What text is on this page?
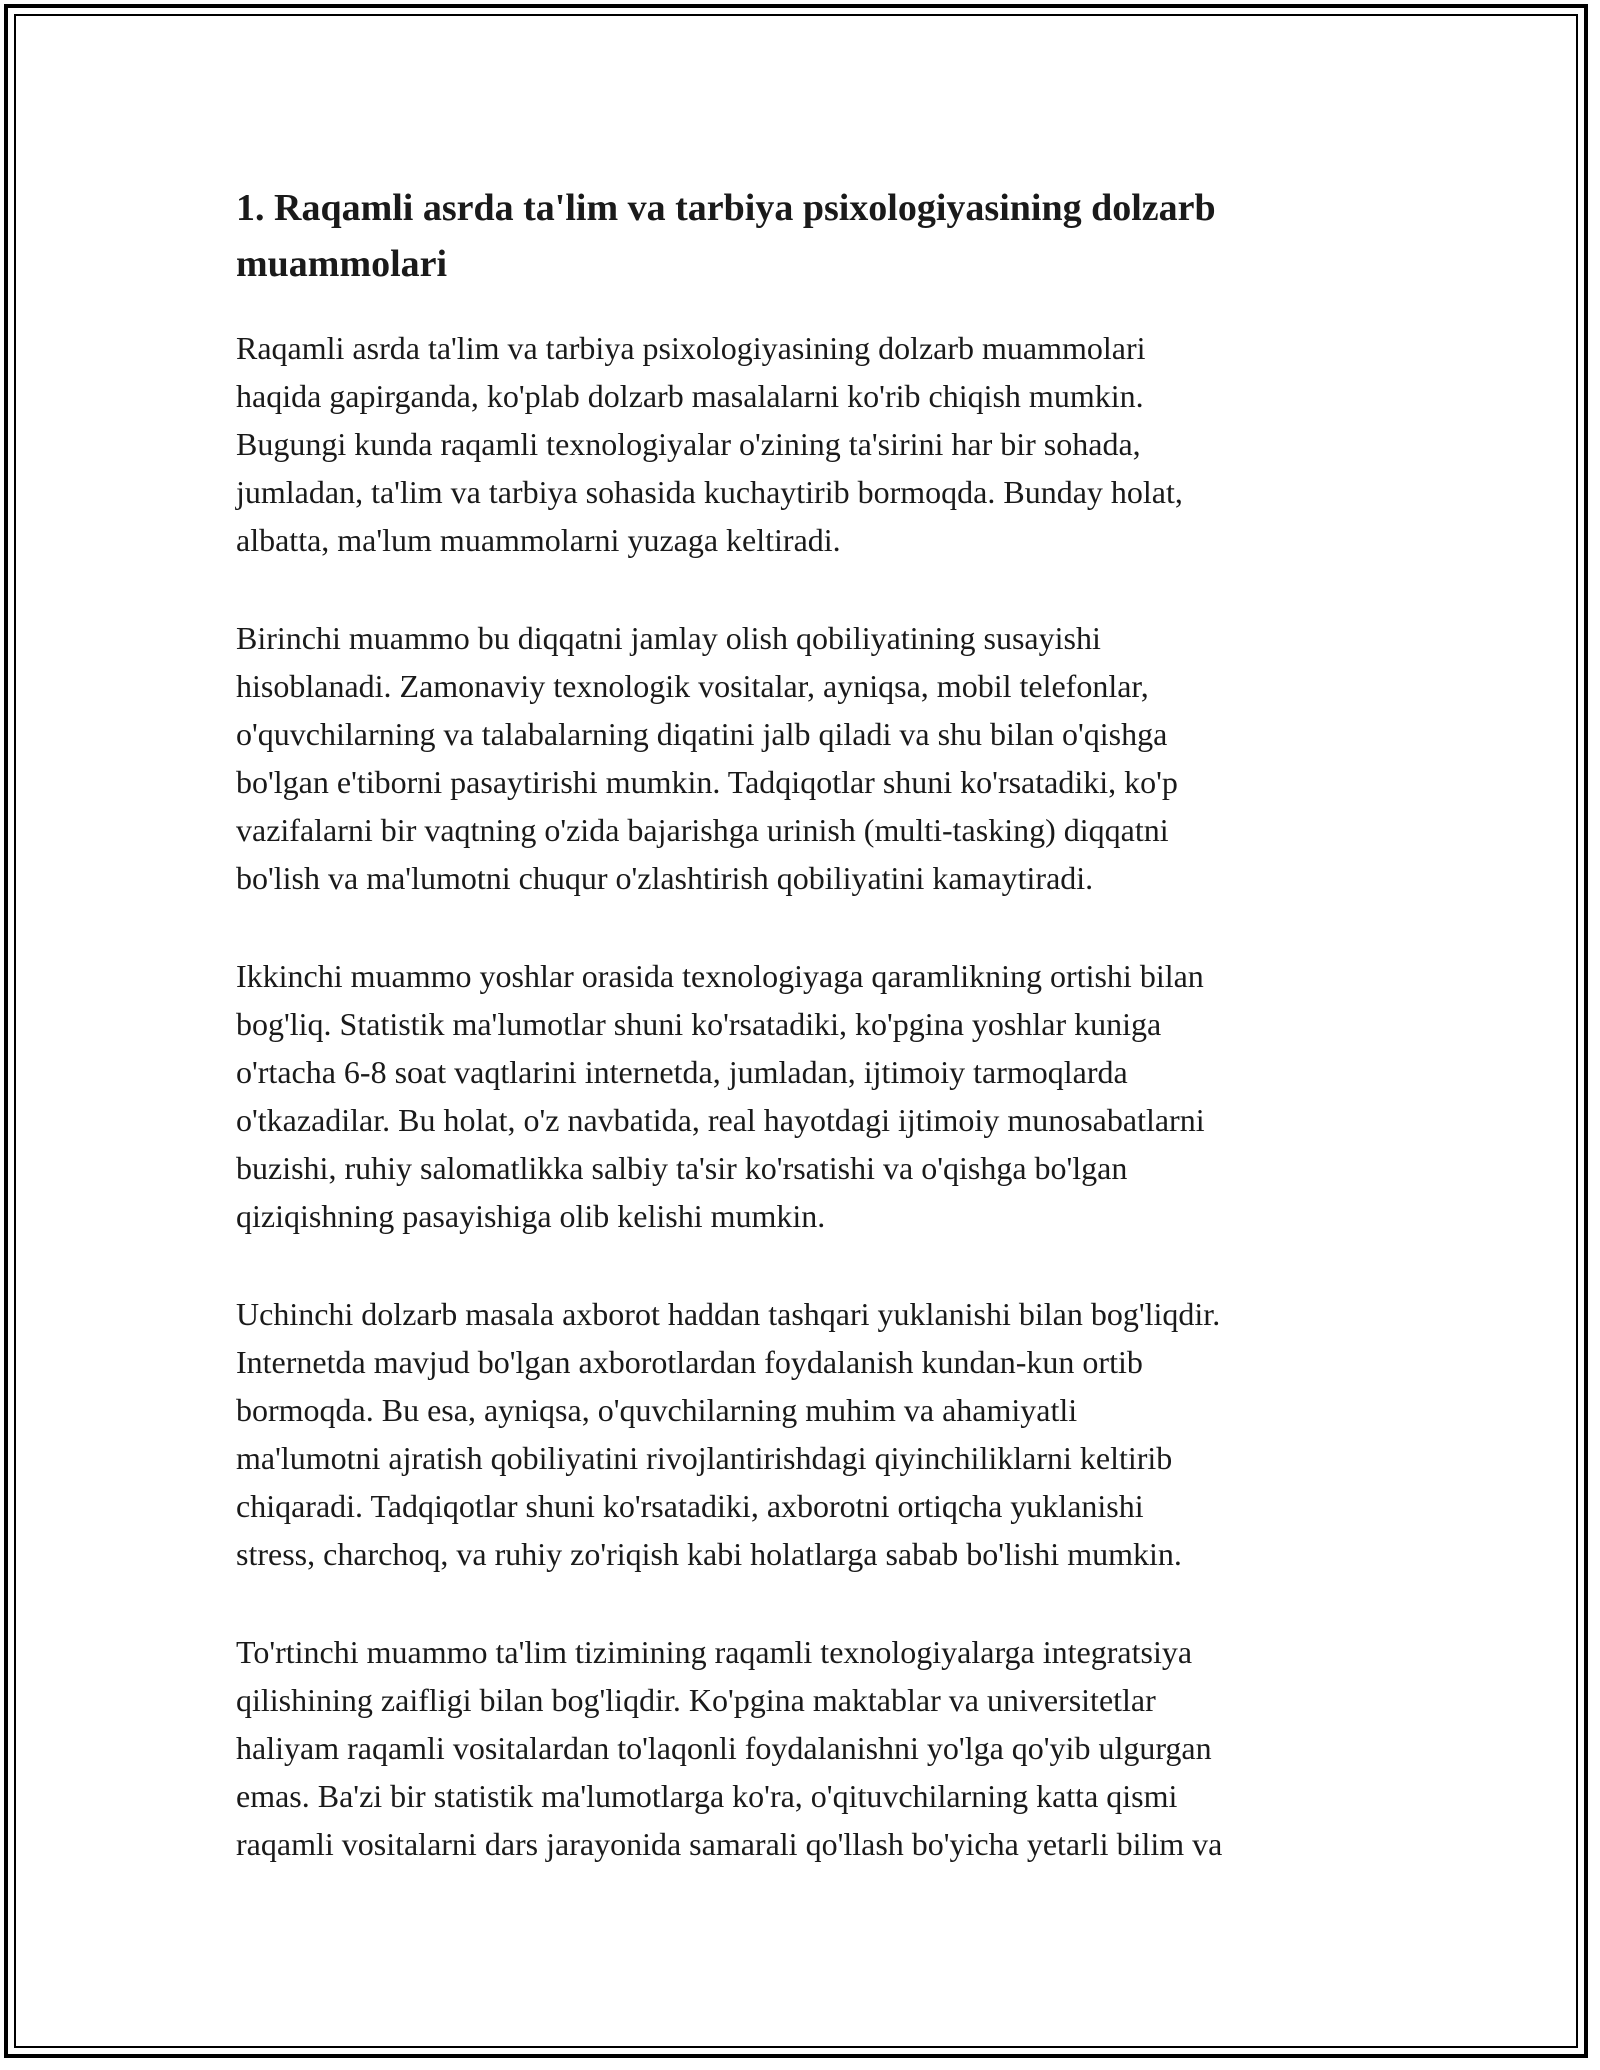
1. Raqamli asrda ta'lim va tarbiya psixologiyasining dolzarb
muammolari

Raqamli asrda ta'lim va tarbiya psixologiyasining dolzarb muammolari
haqida gapirganda, ko'plab dolzarb masalalarni ko'rib chiqish mumkin.
Bugungi kunda raqamli texnologiyalar o'zining ta'sirini har bir sohada,
jumladan, ta'lim va tarbiya sohasida kuchaytirib bormoqda. Bunday holat,
albatta, ma'lum muammolarni yuzaga keltiradi.

Birinchi muammo bu diqqatni jamlay olish qobiliyatining susayishi
hisoblanadi. Zamonaviy texnologik vositalar, ayniqsa, mobil telefonlar,
o'quvchilarning va talabalarning diqatini jalb qiladi va shu bilan o'qishga
bo'lgan e'tiborni pasaytirishi mumkin. Tadqiqotlar shuni ko'rsatadiki, ko'p
vazifalarni bir vaqtning o'zida bajarishga urinish (multi-tasking) diqqatni
bo'lish va ma'lumotni chuqur o'zlashtirish qobiliyatini kamaytiradi.

Ikkinchi muammo yoshlar orasida texnologiyaga qaramlikning ortishi bilan
bog'liq. Statistik ma'lumotlar shuni ko'rsatadiki, ko'pgina yoshlar kuniga
o'rtacha 6-8 soat vaqtlarini internetda, jumladan, ijtimoiy tarmoqlarda
o'tkazadilar. Bu holat, o'z navbatida, real hayotdagi ijtimoiy munosabatlarni
buzishi, ruhiy salomatlikka salbiy ta'sir ko'rsatishi va o'qishga bo'lgan
qiziqishning pasayishiga olib kelishi mumkin.

Uchinchi dolzarb masala axborot haddan tashqari yuklanishi bilan bog'liqdir.
Internetda mavjud bo'lgan axborotlardan foydalanish kundan-kun ortib
bormoqda. Bu esa, ayniqsa, o'quvchilarning muhim va ahamiyatli
ma'lumotni ajratish qobiliyatini rivojlantirishdagi qiyinchiliklarni keltirib
chiqaradi. Tadqiqotlar shuni ko'rsatadiki, axborotni ortiqcha yuklanishi
stress, charchoq, va ruhiy zo'riqish kabi holatlarga sabab bo'lishi mumkin.

To'rtinchi muammo ta'lim tizimining raqamli texnologiyalarga integratsiya
qilishining zaifligi bilan bog'liqdir. Ko'pgina maktablar va universitetlar
haliyam raqamli vositalardan to'laqonli foydalanishni yo'lga qo'yib ulgurgan
emas. Ba'zi bir statistik ma'lumotlarga ko'ra, o'qituvchilarning katta qismi
raqamli vositalarni dars jarayonida samarali qo'llash bo'yicha yetarli bilim va
